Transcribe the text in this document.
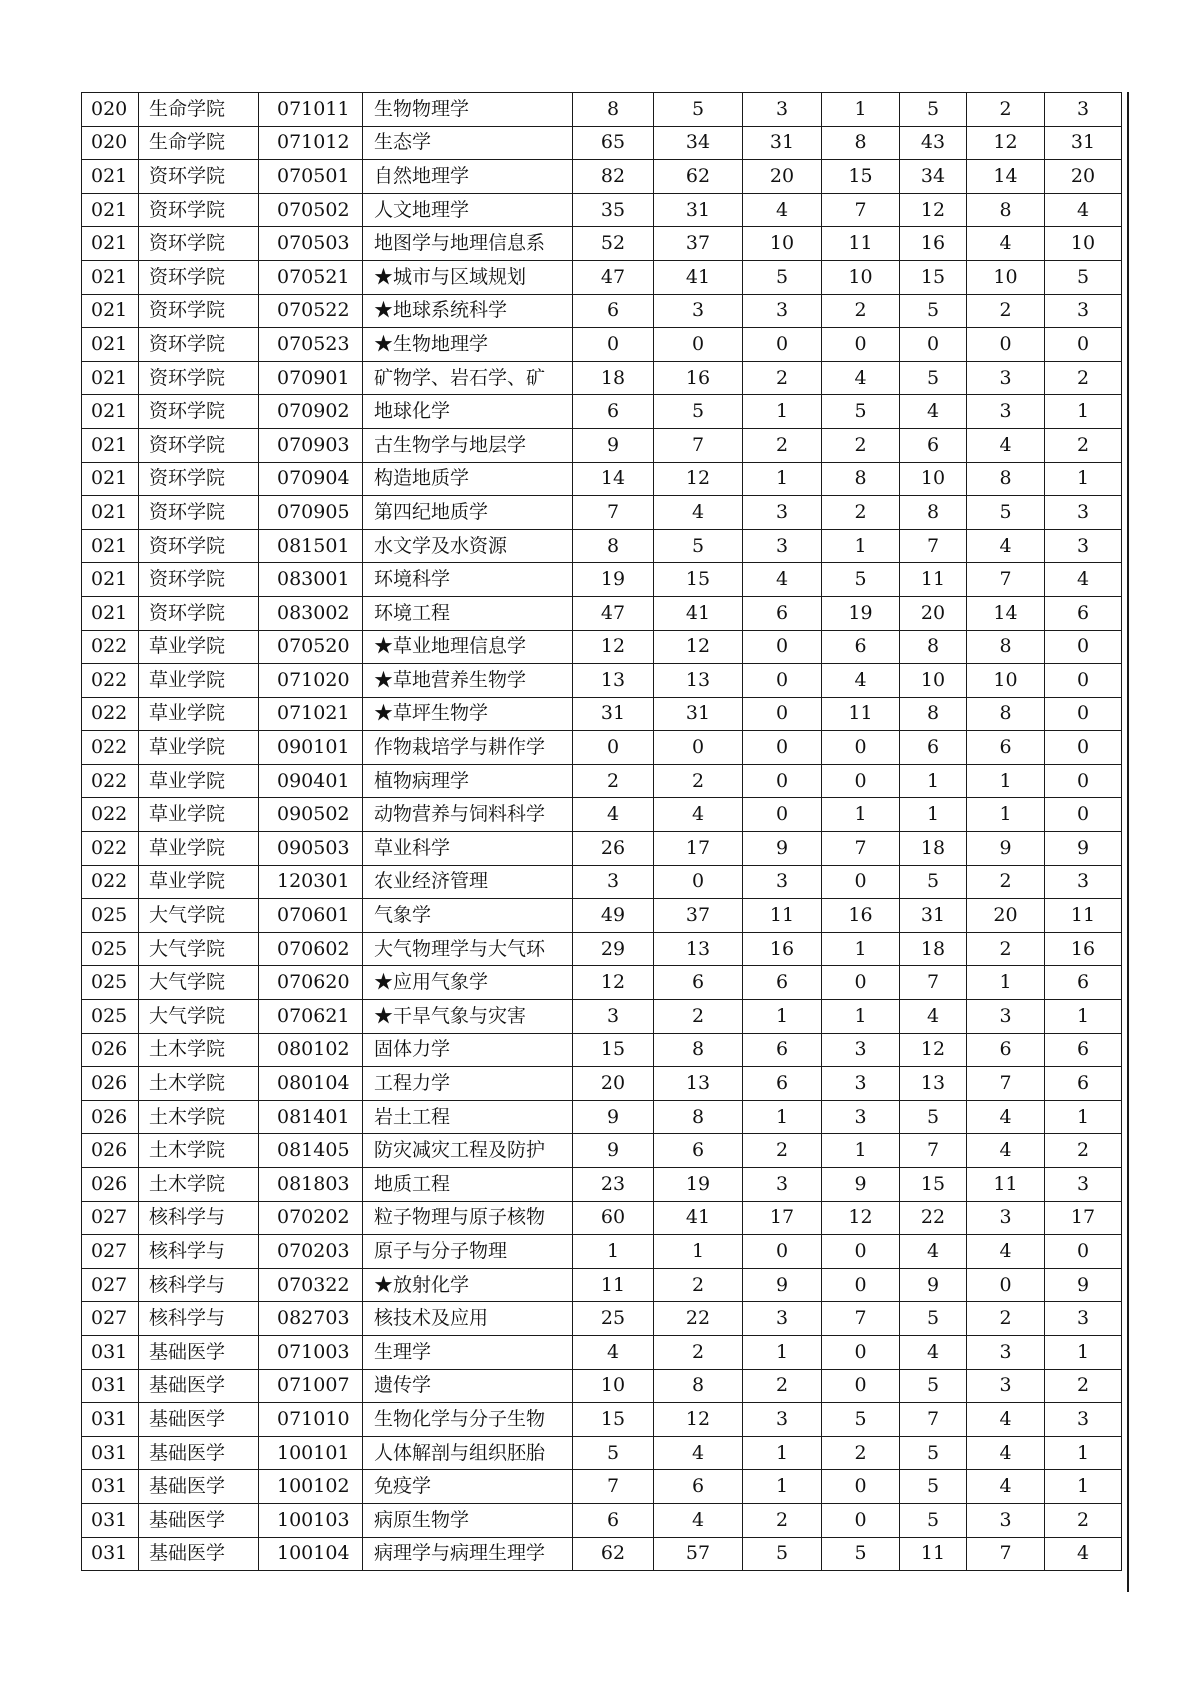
020	生命学院	071011	生物物理学	8	5	3	1	5	2	3
020	生命学院	071012	生态学	65	34	31	8	43	12	31
021	资环学院	070501	自然地理学	82	62	20	15	34	14	20
021	资环学院	070502	人文地理学	35	31	4	7	12	8	4
021	资环学院	070503	地图学与地理信息系	52	37	10	11	16	4	10
021	资环学院	070521	★城市与区域规划	47	41	5	10	15	10	5
021	资环学院	070522	★地球系统科学	6	3	3	2	5	2	3
021	资环学院	070523	★生物地理学	0	0	0	0	0	0	0
021	资环学院	070901	矿物学、岩石学、矿	18	16	2	4	5	3	2
021	资环学院	070902	地球化学	6	5	1	5	4	3	1
021	资环学院	070903	古生物学与地层学	9	7	2	2	6	4	2
021	资环学院	070904	构造地质学	14	12	1	8	10	8	1
021	资环学院	070905	第四纪地质学	7	4	3	2	8	5	3
021	资环学院	081501	水文学及水资源	8	5	3	1	7	4	3
021	资环学院	083001	环境科学	19	15	4	5	11	7	4
021	资环学院	083002	环境工程	47	41	6	19	20	14	6
022	草业学院	070520	★草业地理信息学	12	12	0	6	8	8	0
022	草业学院	071020	★草地营养生物学	13	13	0	4	10	10	0
022	草业学院	071021	★草坪生物学	31	31	0	11	8	8	0
022	草业学院	090101	作物栽培学与耕作学	0	0	0	0	6	6	0
022	草业学院	090401	植物病理学	2	2	0	0	1	1	0
022	草业学院	090502	动物营养与饲料科学	4	4	0	1	1	1	0
022	草业学院	090503	草业科学	26	17	9	7	18	9	9
022	草业学院	120301	农业经济管理	3	0	3	0	5	2	3
025	大气学院	070601	气象学	49	37	11	16	31	20	11
025	大气学院	070602	大气物理学与大气环	29	13	16	1	18	2	16
025	大气学院	070620	★应用气象学	12	6	6	0	7	1	6
025	大气学院	070621	★干旱气象与灾害	3	2	1	1	4	3	1
026	土木学院	080102	固体力学	15	8	6	3	12	6	6
026	土木学院	080104	工程力学	20	13	6	3	13	7	6
026	土木学院	081401	岩土工程	9	8	1	3	5	4	1
026	土木学院	081405	防灾减灾工程及防护	9	6	2	1	7	4	2
026	土木学院	081803	地质工程	23	19	3	9	15	11	3
027	核科学与	070202	粒子物理与原子核物	60	41	17	12	22	3	17
027	核科学与	070203	原子与分子物理	1	1	0	0	4	4	0
027	核科学与	070322	★放射化学	11	2	9	0	9	0	9
027	核科学与	082703	核技术及应用	25	22	3	7	5	2	3
031	基础医学	071003	生理学	4	2	1	0	4	3	1
031	基础医学	071007	遗传学	10	8	2	0	5	3	2
031	基础医学	071010	生物化学与分子生物	15	12	3	5	7	4	3
031	基础医学	100101	人体解剖与组织胚胎	5	4	1	2	5	4	1
031	基础医学	100102	免疫学	7	6	1	0	5	4	1
031	基础医学	100103	病原生物学	6	4	2	0	5	3	2
031	基础医学	100104	病理学与病理生理学	62	57	5	5	11	7	4
